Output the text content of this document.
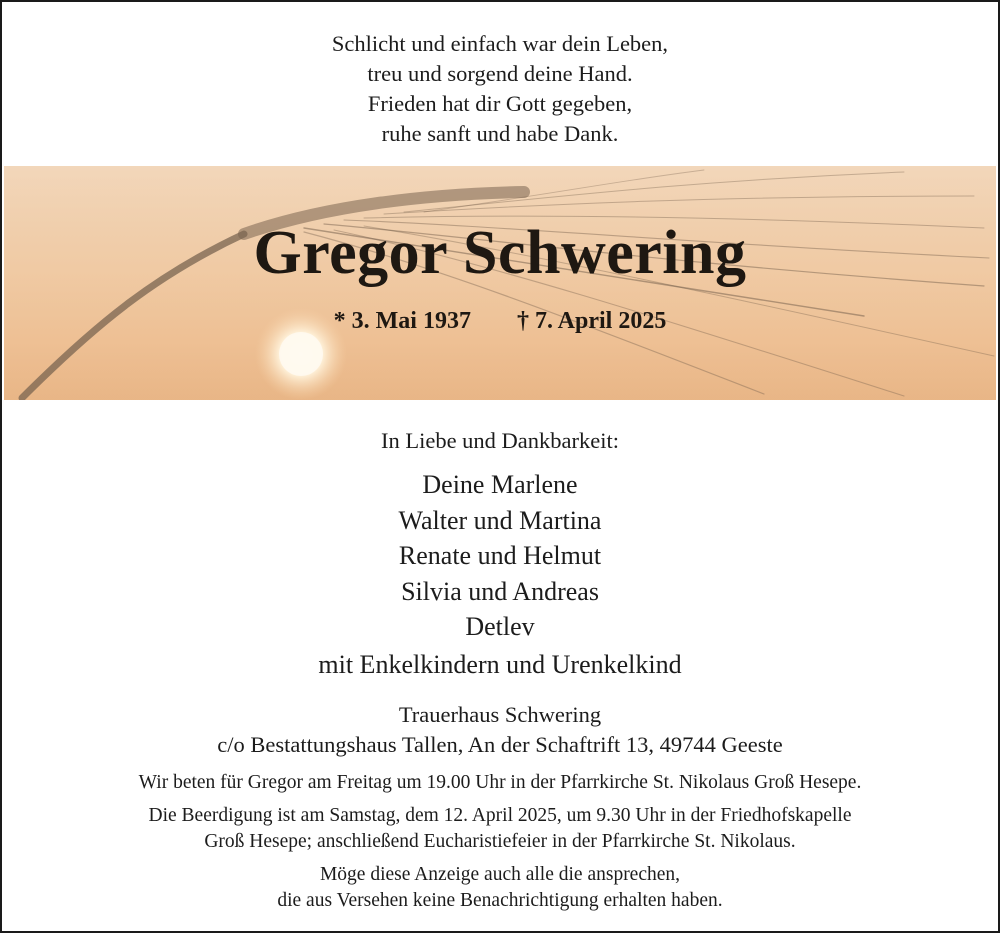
Schlicht und einfach war dein Leben,
treu und sorgend deine Hand.
Frieden hat dir Gott gegeben,
ruhe sanft und habe Dank.
Gregor Schwering
* 3. Mai 1937 † 7. April 2025
In Liebe und Dankbarkeit:
Deine Marlene
Walter und Martina
Renate und Helmut
Silvia und Andreas
Detlev
mit Enkelkindern und Urenkelkind
Trauerhaus Schwering
c/o Bestattungshaus Tallen, An der Schaftrift 13, 49744 Geeste
Wir beten für Gregor am Freitag um 19.00 Uhr in der Pfarrkirche St. Nikolaus Groß Hesepe.
Die Beerdigung ist am Samstag, dem 12. April 2025, um 9.30 Uhr in der Friedhofskapelle
Groß Hesepe; anschließend Eucharistiefeier in der Pfarrkirche St. Nikolaus.
Möge diese Anzeige auch alle die ansprechen,
die aus Versehen keine Benachrichtigung erhalten haben.
